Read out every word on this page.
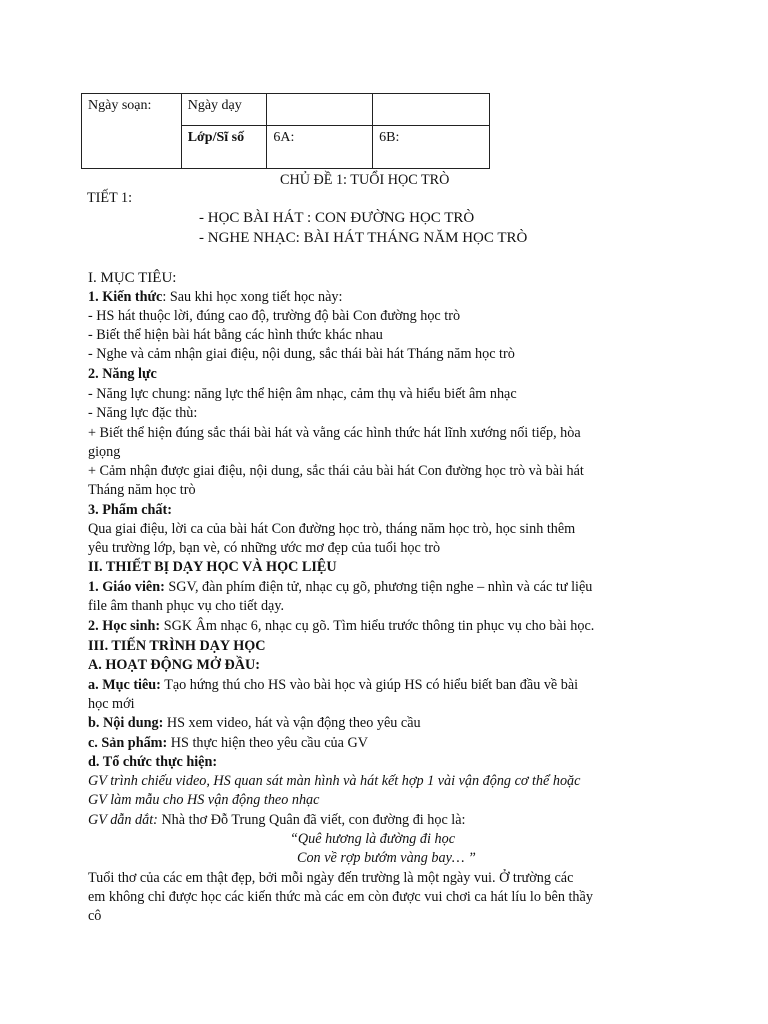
Ngày soạn:	Ngày dạy		
	Lớp/Sĩ số	6A:	6B:
CHỦ ĐỀ 1: TUỔI HỌC TRÒ
TIẾT 1:
- HỌC BÀI HÁT : CON ĐƯỜNG HỌC TRÒ
- NGHE NHẠC: BÀI HÁT THÁNG NĂM HỌC TRÒ
I. MỤC TIÊU:
1. Kiến thức: Sau khi học xong tiết học này:
- HS hát thuộc lời, đúng cao độ, trường độ bài Con đường học trò
- Biết thể hiện bài hát bằng các hình thức khác nhau
- Nghe và cảm nhận giai điệu, nội dung, sắc thái bài hát Tháng năm học trò
2. Năng lực
- Năng lực chung: năng lực thể hiện âm nhạc, cảm thụ và hiểu biết âm nhạc
- Năng lực đặc thù:
+ Biết thể hiện đúng sắc thái bài hát và vằng các hình thức hát lĩnh xướng nối tiếp, hòa
giọng
+ Cảm nhận được giai điệu, nội dung, sắc thái cảu bài hát Con đường học trò và bài hát
Tháng năm học trò
3. Phẩm chất:
Qua giai điệu, lời ca của bài hát Con đường học trò, tháng năm học trò, học sinh thêm
yêu trường lớp, bạn vè, có những ước mơ đẹp của tuổi học trò
II. THIẾT BỊ DẠY HỌC VÀ HỌC LIỆU
1. Giáo viên: SGV, đàn phím điện tử, nhạc cụ gõ, phương tiện nghe – nhìn và các tư liệu
file âm thanh phục vụ cho tiết dạy.
2. Học sinh: SGK Âm nhạc 6, nhạc cụ gõ. Tìm hiểu trước thông tin phục vụ cho bài học.
III. TIẾN TRÌNH DẠY HỌC
A. HOẠT ĐỘNG MỞ ĐẦU:
a. Mục tiêu: Tạo hứng thú cho HS vào bài học và giúp HS có hiểu biết ban đầu về bài
học mới
b. Nội dung: HS xem video, hát và vận động theo yêu cầu
c. Sản phẩm: HS thực hiện theo yêu cầu của GV
d. Tổ chức thực hiện:
GV trình chiếu video, HS quan sát màn hình và hát kết hợp 1 vài vận động cơ thể hoặc
GV làm mẫu cho HS vận động theo nhạc
GV dẫn dắt: Nhà thơ Đỗ Trung Quân đã viết, con đường đi học là:
“Quê hương là đường đi học
Con về rợp bướm vàng bay… ”
Tuổi thơ của các em thật đẹp, bởi mỗi ngày đến trường là một ngày vui. Ở trường các
em không chỉ được học các kiến thức mà các em còn được vui chơi ca hát líu lo bên thầy
cô
